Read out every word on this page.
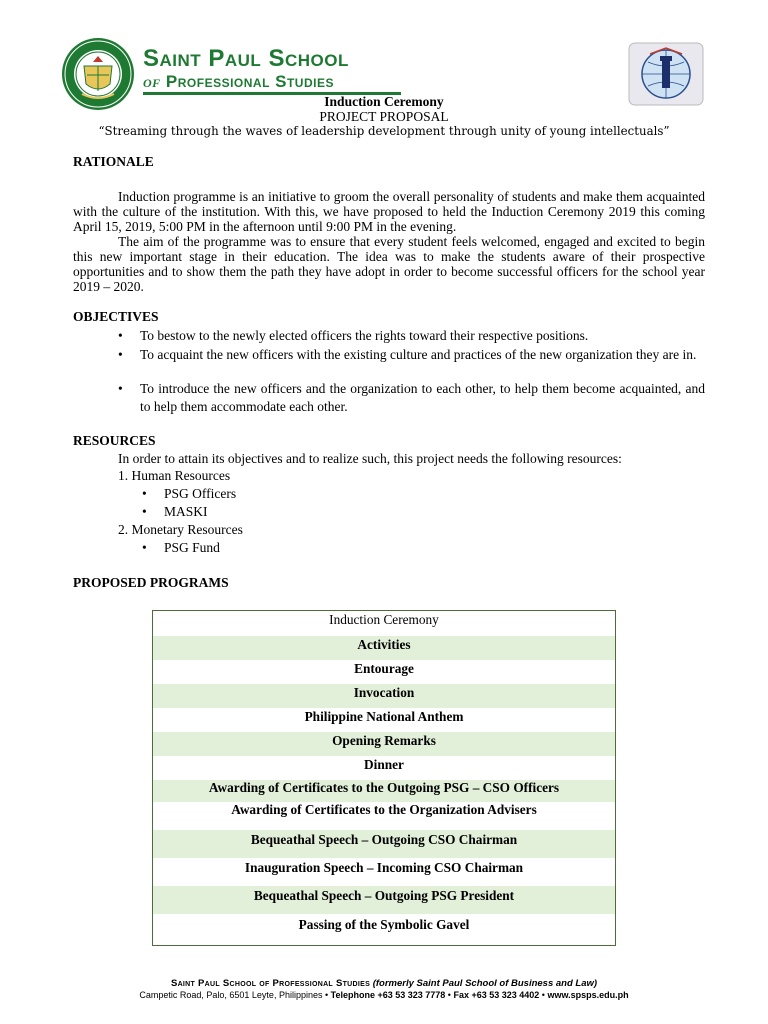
Saint Paul School
of Professional Studies
Induction Ceremony
PROJECT PROPOSAL
“Streaming through the waves of leadership development through unity of young intellectuals”
RATIONALE
Induction programme is an initiative to groom the overall personality of students and make them acquainted with the culture of the institution. With this, we have proposed to held the Induction Ceremony 2019 this coming April 15, 2019, 5:00 PM in the afternoon until 9:00 PM in the evening.
The aim of the programme was to ensure that every student feels welcomed, engaged and excited to begin this new important stage in their education. The idea was to make the students aware of their prospective opportunities and to show them the path they have adopt in order to become successful officers for the school year 2019 – 2020.
OBJECTIVES
• To bestow to the newly elected officers the rights toward their respective positions.
• To acquaint the new officers with the existing culture and practices of the new organization they are in.
• To introduce the new officers and the organization to each other, to help them become acquainted, and to help them accommodate each other.
RESOURCES
In order to attain its objectives and to realize such, this project needs the following resources:
1. Human Resources
• PSG Officers
• MASKI
2. Monetary Resources
• PSG Fund
PROPOSED PROGRAMS
Induction Ceremony
Activities
Entourage
Invocation
Philippine National Anthem
Opening Remarks
Dinner
Awarding of Certificates to the Outgoing PSG – CSO Officers
Awarding of Certificates to the Organization Advisers
Bequeathal Speech – Outgoing CSO Chairman
Inauguration Speech – Incoming CSO Chairman
Bequeathal Speech – Outgoing PSG President
Passing of the Symbolic Gavel
Saint Paul School of Professional Studies (formerly Saint Paul School of Business and Law)
Campetic Road, Palo, 6501 Leyte, Philippines • Telephone +63 53 323 7778 • Fax +63 53 323 4402 • www.spsps.edu.ph
